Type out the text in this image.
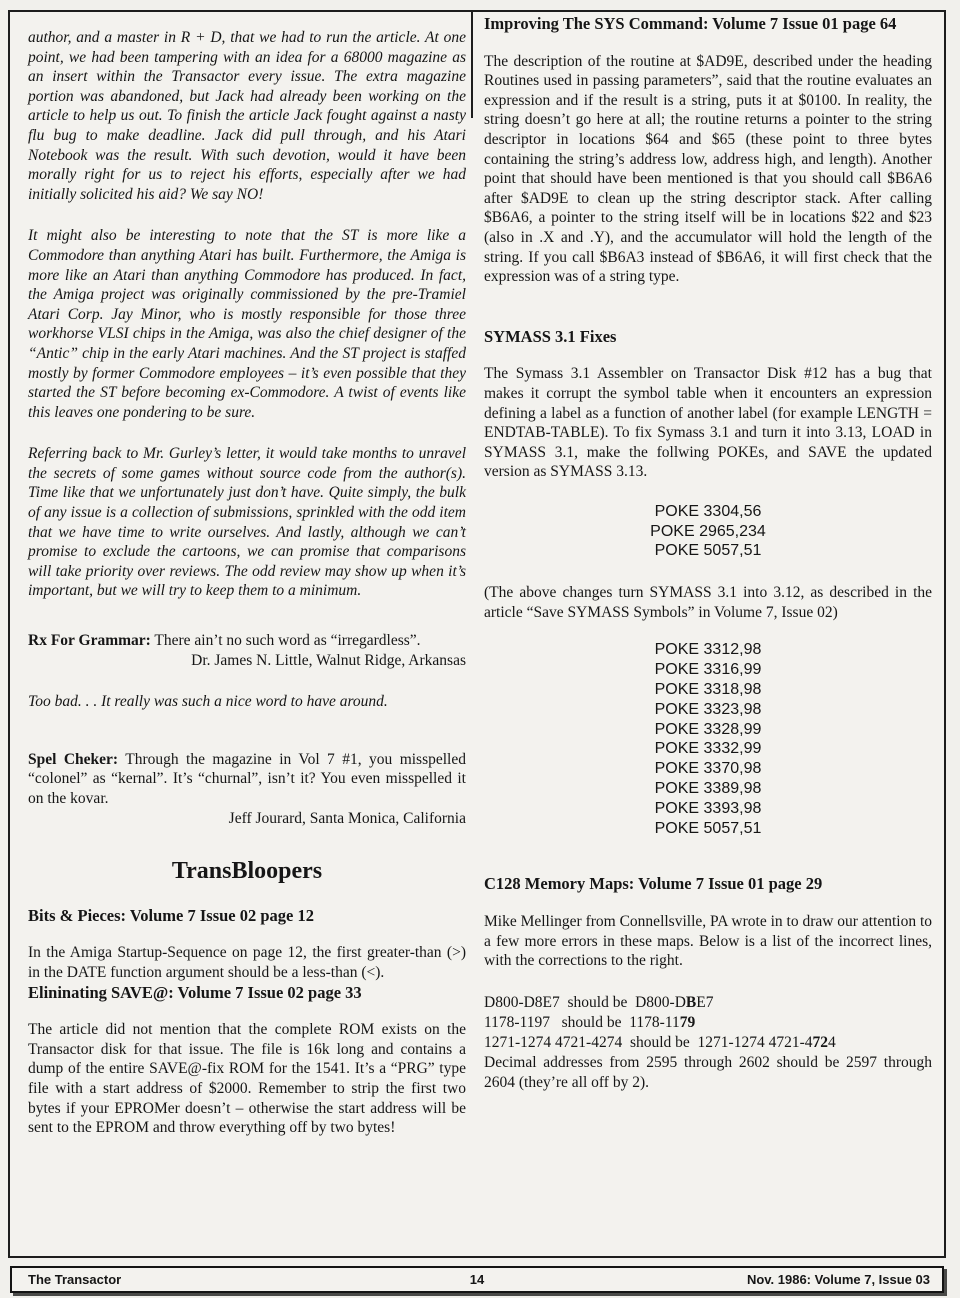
author, and a master in R + D, that we had to run the article. At one point, we had been tampering with an idea for a 68000 magazine as an insert within the Transactor every issue. The extra magazine portion was abandoned, but Jack had already been working on the article to help us out. To finish the article Jack fought against a nasty flu bug to make deadline. Jack did pull through, and his Atari Notebook was the result. With such devotion, would it have been morally right for us to reject his efforts, especially after we had initially solicited his aid? We say NO!

It might also be interesting to note that the ST is more like a Commodore than anything Atari has built. Furthermore, the Amiga is more like an Atari than anything Commodore has produced. In fact, the Amiga project was originally commissioned by the pre-Tramiel Atari Corp. Jay Minor, who is mostly responsible for those three workhorse VLSI chips in the Amiga, was also the chief designer of the “Antic” chip in the early Atari machines. And the ST project is staffed mostly by former Commodore employees – it’s even possible that they started the ST before becoming ex-Commodore. A twist of events like this leaves one pondering to be sure.

Referring back to Mr. Gurley’s letter, it would take months to unravel the secrets of some games without source code from the author(s). Time like that we unfortunately just don’t have. Quite simply, the bulk of any issue is a collection of submissions, sprinkled with the odd item that we have time to write ourselves. And lastly, although we can’t promise to exclude the cartoons, we can promise that comparisons will take priority over reviews. The odd review may show up when it’s important, but we will try to keep them to a minimum.

Rx For Grammar: There ain’t no such word as “irregardless”.

Dr. James N. Little, Walnut Ridge, Arkansas

Too bad. . . It really was such a nice word to have around.

Spel Cheker: Through the magazine in Vol 7 #1, you misspelled “colonel” as “kernal”. It’s “churnal”, isn’t it? You even misspelled it on the kovar.

Jeff Jourard, Santa Monica, California

TransBloopers
Bits & Pieces: Volume 7 Issue 02 page 12

In the Amiga Startup-Sequence on page 12, the first greater-than (>) in the DATE function argument should be a less-than (<).

Elininating SAVE@: Volume 7 Issue 02 page 33

The article did not mention that the complete ROM exists on the Transactor disk for that issue. The file is 16k long and contains a dump of the entire SAVE@-fix ROM for the 1541. It’s a “PRG” type file with a start address of $2000. Remember to strip the first two bytes if your EPROMer doesn’t – otherwise the start address will be sent to the EPROM and throw everything off by two bytes!

Improving The SYS Command: Volume 7 Issue 01 page 64

The description of the routine at $AD9E, described under the heading Routines used in passing parameters”, said that the routine evaluates an expression and if the result is a string, puts it at $0100. In reality, the string doesn’t go here at all; the routine returns a pointer to the string descriptor in locations $64 and $65 (these point to three bytes containing the string’s address low, address high, and length). Another point that should have been mentioned is that you should call $B6A6 after $AD9E to clean up the string descriptor stack. After calling $B6A6, a pointer to the string itself will be in locations $22 and $23 (also in .X and .Y), and the accumulator will hold the length of the string. If you call $B6A3 instead of $B6A6, it will first check that the expression was of a string type.

SYMASS 3.1 Fixes

The Symass 3.1 Assembler on Transactor Disk #12 has a bug that makes it corrupt the symbol table when it encounters an expression defining a label as a function of another label (for example LENGTH = ENDTAB-TABLE). To fix Symass 3.1 and turn it into 3.13, LOAD in SYMASS 3.1, make the follwing POKEs, and SAVE the updated version as SYMASS 3.13.

POKE 3304,56
POKE 2965,234
POKE 5057,51

(The above changes turn SYMASS 3.1 into 3.12, as described in the article “Save SYMASS Symbols” in Volume 7, Issue 02)

POKE 3312,98
POKE 3316,99
POKE 3318,98
POKE 3323,98
POKE 3328,99
POKE 3332,99
POKE 3370,98
POKE 3389,98
POKE 3393,98
POKE 5057,51
C128 Memory Maps: Volume 7 Issue 01 page 29

Mike Mellinger from Connellsville, PA wrote in to draw our attention to a few more errors in these maps. Below is a list of the incorrect lines, with the corrections to the right.

D800-D8E7  should be  D800-DBE7
1178-1197   should be  1178-1179
1271-1274 4721-4274  should be  1271-1274 4721-4724
Decimal addresses from 2595 through 2602 should be 2597 through 2604 (they’re all off by 2).
The Transactor	14	Nov. 1986: Volume 7, Issue 03
